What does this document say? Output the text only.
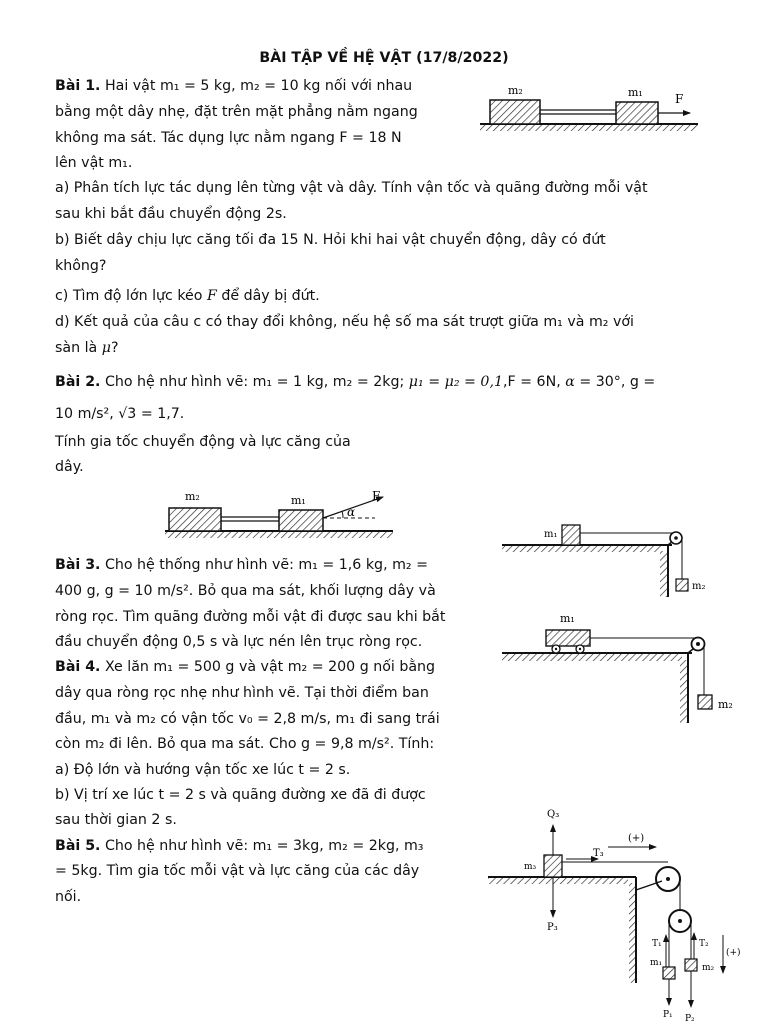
BÀI TẬP VỀ HỆ VẬT (17/8/2022)
Bài 1. Hai vật m₁ = 5 kg, m₂ = 10 kg nối với nhau
bằng một dây nhẹ, đặt trên mặt phẳng nằm ngang
không ma sát. Tác dụng lực nằm ngang F = 18 N
lên vật m₁.
a) Phân tích lực tác dụng lên từng vật và dây. Tính vận tốc và quãng đường mỗi vật
sau khi bắt đầu chuyển động 2s.
b) Biết dây chịu lực căng tối đa 15 N. Hỏi khi hai vật chuyển động, dây có đứt
không?
c) Tìm độ lớn lực kéo F để dây bị đứt.
d) Kết quả của câu c có thay đổi không, nếu hệ số ma sát trượt giữa m₁ và m₂ với
sàn là μ?
m₂	m₁	F
Bài 2. Cho hệ như hình vẽ: m₁ = 1 kg, m₂ = 2kg; μ₁ = μ₂ = 0,1,F = 6N, α = 30°, g =
10 m/s², √3 = 1,7.
Tính gia tốc chuyển động và lực căng của
dây.
m₂	m₁	F
α
Bài 3. Cho hệ thống như hình vẽ: m₁ = 1,6 kg, m₂ =
400 g, g = 10 m/s². Bỏ qua ma sát, khối lượng dây và
ròng rọc. Tìm quãng đường mỗi vật đi được sau khi bắt
đầu chuyển động 0,5 s và lực nén lên trục ròng rọc.
m₁
m₂
Bài 4. Xe lăn m₁ = 500 g và vật m₂ = 200 g nối bằng
dây qua ròng rọc nhẹ như hình vẽ. Tại thời điểm ban
đầu, m₁ và m₂ có vận tốc v₀ = 2,8 m/s, m₁ đi sang trái
còn m₂ đi lên. Bỏ qua ma sát. Cho g = 9,8 m/s². Tính:
a) Độ lớn và hướng vận tốc xe lúc t = 2 s.
b) Vị trí xe lúc t = 2 s và quãng đường xe đã đi được
sau thời gian 2 s.
m₁
m₂
Bài 5. Cho hệ như hình vẽ: m₁ = 3kg, m₂ = 2kg, m₃
= 5kg. Tìm gia tốc mỗi vật và lực căng của các dây
nối.
m₃
Q₃
P₃
T₃
(+)
m₁
T₁
P₁
m₂
T₂
P₂
(+)
